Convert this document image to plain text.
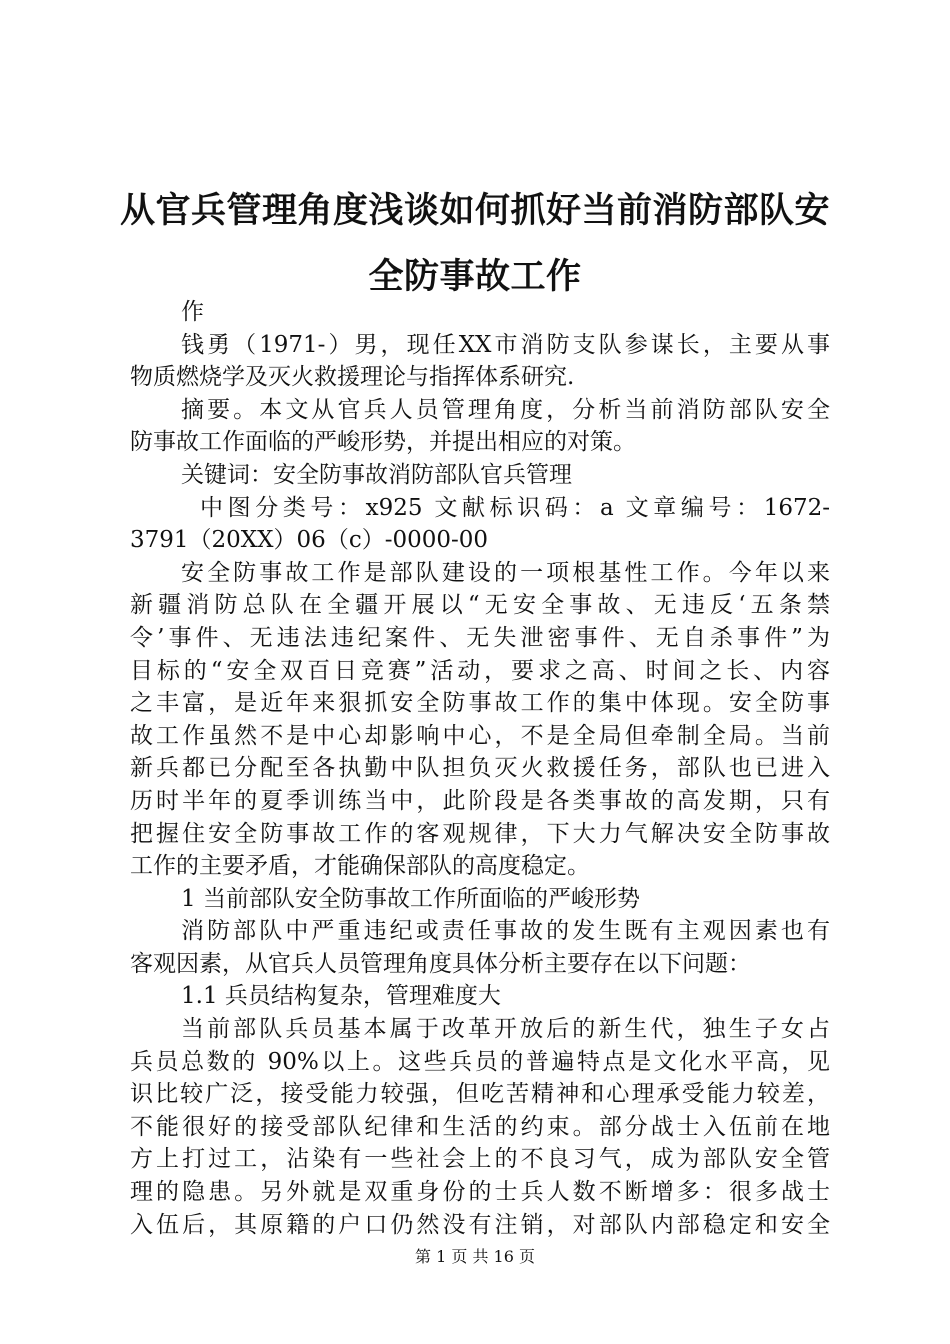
从官兵管理角度浅谈如何抓好当前消防部队安
全防事故工作
作
钱勇（1971-）男，现任XX市消防支队参谋长，主要从事
物质燃烧学及灭火救援理论与指挥体系研究.
摘要。本文从官兵人员管理角度，分析当前消防部队安全
防事故工作面临的严峻形势，并提出相应的对策。
关键词：安全防事故消防部队官兵管理
中图分类号：x925 文献标识码：a 文章编号：1672-
3791（20XX）06（c）-0000-00
安全防事故工作是部队建设的一项根基性工作。今年以来
新疆消防总队在全疆开展以“无安全事故、无违反‘五条禁
令’事件、无违法违纪案件、无失泄密事件、无自杀事件”为
目标的“安全双百日竞赛”活动，要求之高、时间之长、内容
之丰富，是近年来狠抓安全防事故工作的集中体现。安全防事
故工作虽然不是中心却影响中心，不是全局但牵制全局。当前
新兵都已分配至各执勤中队担负灭火救援任务，部队也已进入
历时半年的夏季训练当中，此阶段是各类事故的高发期，只有
把握住安全防事故工作的客观规律，下大力气解决安全防事故
工作的主要矛盾，才能确保部队的高度稳定。
1 当前部队安全防事故工作所面临的严峻形势
消防部队中严重违纪或责任事故的发生既有主观因素也有
客观因素，从官兵人员管理角度具体分析主要存在以下问题：
1.1 兵员结构复杂，管理难度大
当前部队兵员基本属于改革开放后的新生代，独生子女占
兵员总数的 90%以上。这些兵员的普遍特点是文化水平高，见
识比较广泛，接受能力较强，但吃苦精神和心理承受能力较差，
不能很好的接受部队纪律和生活的约束。部分战士入伍前在地
方上打过工，沾染有一些社会上的不良习气，成为部队安全管
理的隐患。另外就是双重身份的士兵人数不断增多：很多战士
入伍后，其原籍的户口仍然没有注销，对部队内部稳定和安全
第 1 页 共 16 页
